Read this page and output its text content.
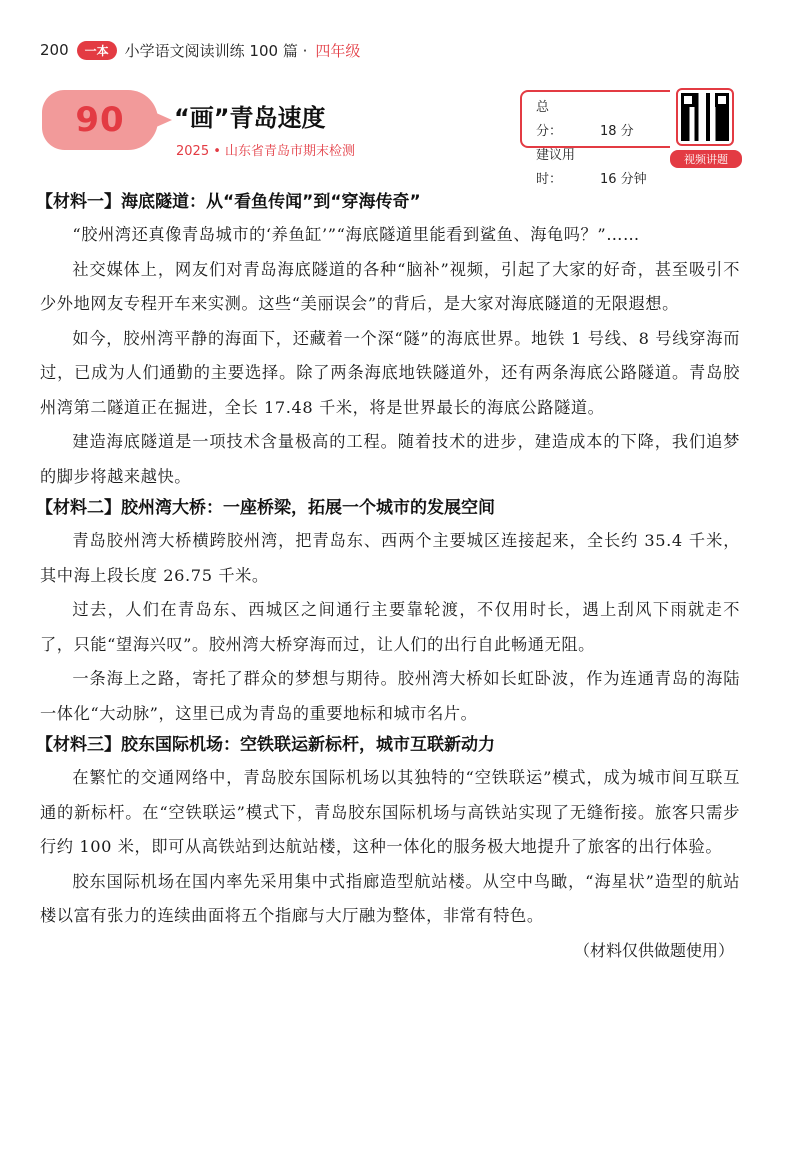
200	一本	小学语文阅读训练 100 篇 · 四年级
90 “画”青岛速度
2025 • 山东省青岛市期末检测
总　　分：	18 分
建议用时：	16 分钟
视频讲题
【材料一】海底隧道：从“看鱼传闻”到“穿海传奇”

“胶州湾还真像青岛城市的‘养鱼缸’”“海底隧道里能看到鲨鱼、海龟吗？”……

社交媒体上，网友们对青岛海底隧道的各种“脑补”视频，引起了大家的好奇，甚至吸引不少外地网友专程开车来实测。这些“美丽误会”的背后，是大家对海底隧道的无限遐想。

如今，胶州湾平静的海面下，还藏着一个深“隧”的海底世界。地铁 1 号线、8 号线穿海而过，已成为人们通勤的主要选择。除了两条海底地铁隧道外，还有两条海底公路隧道。青岛胶州湾第二隧道正在掘进，全长 17.48 千米，将是世界最长的海底公路隧道。

建造海底隧道是一项技术含量极高的工程。随着技术的进步，建造成本的下降，我们追梦的脚步将越来越快。

【材料二】胶州湾大桥：一座桥梁，拓展一个城市的发展空间

青岛胶州湾大桥横跨胶州湾，把青岛东、西两个主要城区连接起来，全长约 35.4 千米，其中海上段长度 26.75 千米。

过去，人们在青岛东、西城区之间通行主要靠轮渡，不仅用时长，遇上刮风下雨就走不了，只能“望海兴叹”。胶州湾大桥穿海而过，让人们的出行自此畅通无阻。

一条海上之路，寄托了群众的梦想与期待。胶州湾大桥如长虹卧波，作为连通青岛的海陆一体化“大动脉”，这里已成为青岛的重要地标和城市名片。

【材料三】胶东国际机场：空铁联运新标杆，城市互联新动力

在繁忙的交通网络中，青岛胶东国际机场以其独特的“空铁联运”模式，成为城市间互联互通的新标杆。在“空铁联运”模式下，青岛胶东国际机场与高铁站实现了无缝衔接。旅客只需步行约 100 米，即可从高铁站到达航站楼，这种一体化的服务极大地提升了旅客的出行体验。

胶东国际机场在国内率先采用集中式指廊造型航站楼。从空中鸟瞰，“海星状”造型的航站楼以富有张力的连续曲面将五个指廊与大厅融为整体，非常有特色。

（材料仅供做题使用）
